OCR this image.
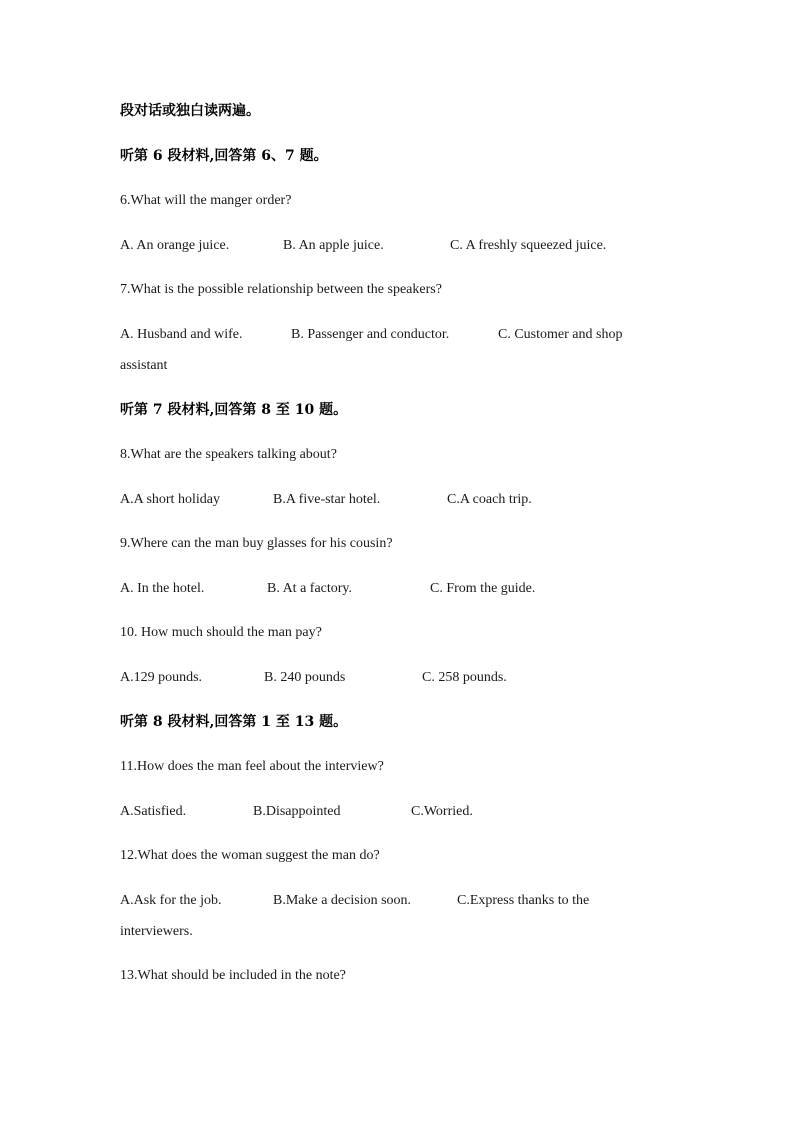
段对话或独白读两遍。
听第 6 段材料,回答第 6、7 题。
6.What will the manger order?
A. An orange juice.	B. An apple juice.	C. A freshly squeezed juice.
7.What is the possible relationship between the speakers?
A. Husband and wife.	B. Passenger and conductor.	C. Customer and shop
assistant
听第 7 段材料,回答第 8 至 10 题。
8.What are the speakers talking about?
A.A short holiday	B.A five-star hotel.	C.A coach trip.
9.Where can the man buy glasses for his cousin?
A. In the hotel.	B. At a factory.	C. From the guide.
10. How much should the man pay?
A.129 pounds.	B. 240 pounds	C. 258 pounds.
听第 8 段材料,回答第 1 至 13 题。
11.How does the man feel about the interview?
A.Satisfied.	B.Disappointed	C.Worried.
12.What does the woman suggest the man do?
A.Ask for the job.	B.Make a decision soon.	C.Express thanks to the
interviewers.
13.What should be included in the note?
